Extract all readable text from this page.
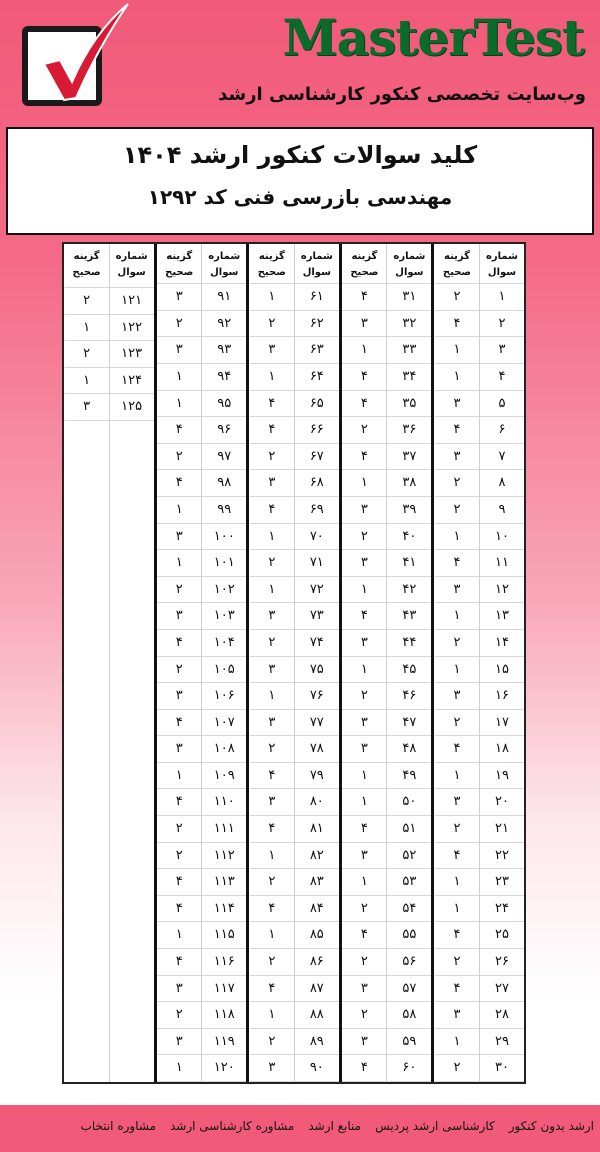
MasterTest
وب‌سایت تخصصی کنکور کارشناسی ارشد
کلید سوالات کنکور ارشد ۱۴۰۴
مهندسی بازرسی فنی کد ۱۲۹۲
شماره سوال
۱
۲
۳
۴
۵
۶
۷
۸
۹
۱۰
۱۱
۱۲
۱۳
۱۴
۱۵
۱۶
۱۷
۱۸
۱۹
۲۰
۲۱
۲۲
۲۳
۲۴
۲۵
۲۶
۲۷
۲۸
۲۹
۳۰
گزینه صحیح
۲
۴
۱
۱
۳
۴
۳
۲
۲
۱
۴
۳
۱
۲
۱
۳
۲
۴
۱
۳
۲
۴
۱
۱
۴
۲
۴
۳
۱
۲
شماره سوال
۳۱
۳۲
۳۳
۳۴
۳۵
۳۶
۳۷
۳۸
۳۹
۴۰
۴۱
۴۲
۴۳
۴۴
۴۵
۴۶
۴۷
۴۸
۴۹
۵۰
۵۱
۵۲
۵۳
۵۴
۵۵
۵۶
۵۷
۵۸
۵۹
۶۰
گزینه صحیح
۴
۳
۱
۴
۴
۲
۴
۱
۳
۲
۳
۱
۴
۳
۱
۲
۳
۳
۱
۱
۴
۳
۱
۲
۴
۲
۳
۲
۳
۴
شماره سوال
۶۱
۶۲
۶۳
۶۴
۶۵
۶۶
۶۷
۶۸
۶۹
۷۰
۷۱
۷۲
۷۳
۷۴
۷۵
۷۶
۷۷
۷۸
۷۹
۸۰
۸۱
۸۲
۸۳
۸۴
۸۵
۸۶
۸۷
۸۸
۸۹
۹۰
گزینه صحیح
۱
۲
۳
۱
۴
۴
۲
۳
۴
۱
۲
۱
۳
۲
۳
۱
۳
۲
۴
۳
۴
۱
۲
۴
۱
۲
۴
۱
۲
۳
شماره سوال
۹۱
۹۲
۹۳
۹۴
۹۵
۹۶
۹۷
۹۸
۹۹
۱۰۰
۱۰۱
۱۰۲
۱۰۳
۱۰۴
۱۰۵
۱۰۶
۱۰۷
۱۰۸
۱۰۹
۱۱۰
۱۱۱
۱۱۲
۱۱۳
۱۱۴
۱۱۵
۱۱۶
۱۱۷
۱۱۸
۱۱۹
۱۲۰
گزینه صحیح
۳
۲
۳
۱
۱
۴
۲
۴
۱
۳
۱
۲
۳
۴
۲
۳
۴
۳
۱
۴
۲
۲
۴
۴
۱
۴
۳
۲
۳
۱
شماره سوال
۱۲۱
۱۲۲
۱۲۳
۱۲۴
۱۲۵
گزینه صحیح
۲
۱
۲
۱
۳
ارشد بدون کنکور
کارشناسی ارشد پردیس
منابع ارشد
مشاوره کارشناسی ارشد
مشاوره انتخاب
